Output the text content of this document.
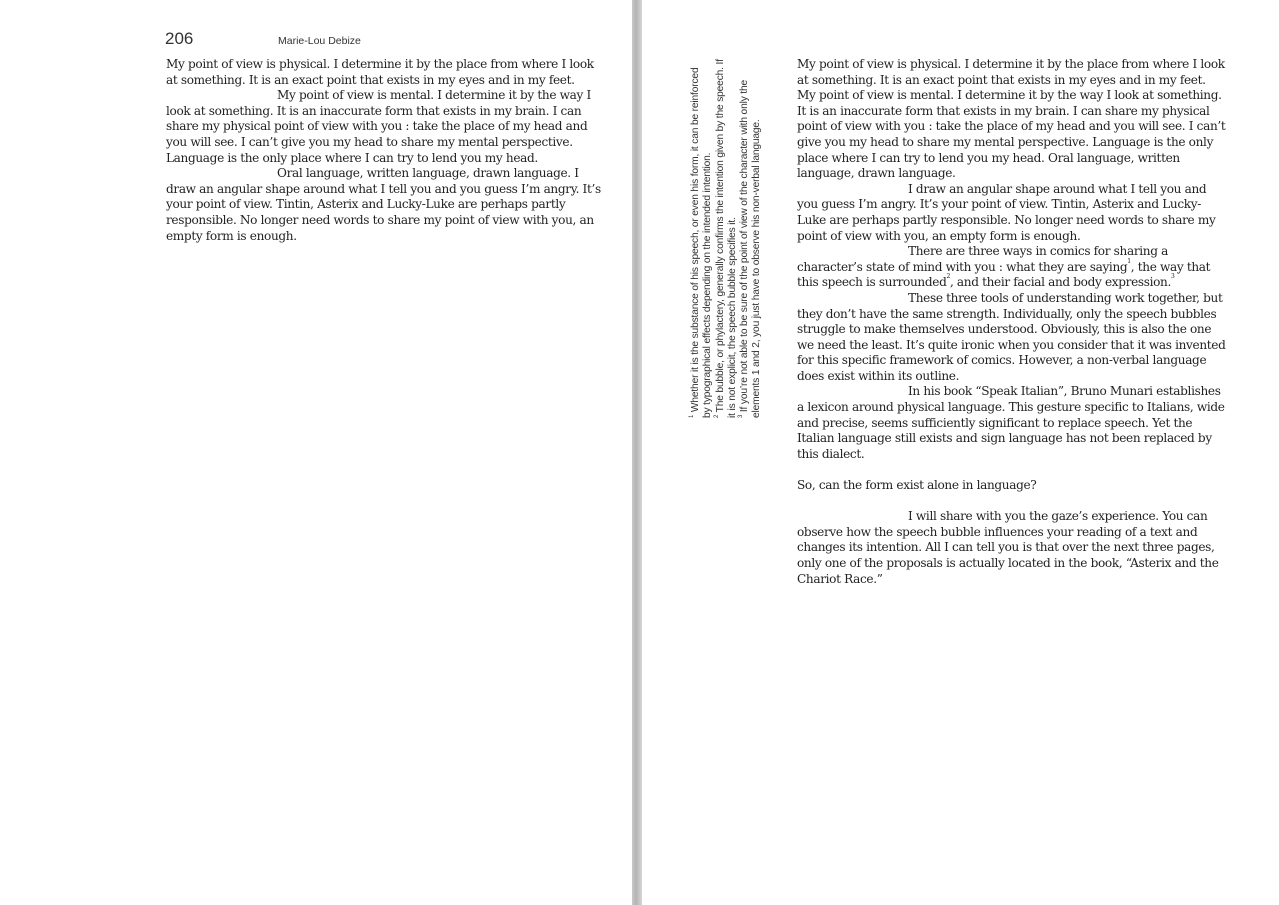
206	Marie-Lou Debize

My point of view is physical. I determine it by the place from where I look at something. It is an exact point that exists in my eyes and in my feet.

My point of view is mental. I determine it by the way I look at something. It is an inaccurate form that exists in my brain. I can share my physical point of view with you : take the place of my head and you will see. I can’t give you my head to share my mental perspective. Language is the only place where I can try to lend you my head.

Oral language, written language, drawn language. I draw an angular shape around what I tell you and you guess I’m angry. It’s your point of view. Tintin, Asterix and Lucky-Luke are perhaps partly responsible. No longer need words to share my point of view with you, an empty form is enough.

$^1$ Whether it is the substance of his speech, or even his form, it can be reinforced by typographical effects depending on the intended intention. $^2$ The bubble, or phylactery, generally confirms the intention given by the speech. If it is not explicit, the speech bubble specifies it. $^3$ If you’re not able to be sure of the point of view of the character with only the elements 1 and 2, you just have to observe his non-verbal language.

My point of view is physical. I determine it by the place from where I look at something. It is an exact point that exists in my eyes and in my feet. My point of view is mental. I determine it by the way I look at something. It is an inaccurate form that exists in my brain. I can share my physical point of view with you : take the place of my head and you will see. I can’t give you my head to share my mental perspective. Language is the only place where I can try to lend you my head. Oral language, written language, drawn language.

I draw an angular shape around what I tell you and you guess I’m angry. It’s your point of view. Tintin, Asterix and Lucky-Luke are perhaps partly responsible. No longer need words to share my point of view with you, an empty form is enough.

There are three ways in comics for sharing a character’s state of mind with you : what they are saying$^1$, the way that this speech is surrounded$^2$, and their facial and body expression.$^3$

These three tools of understanding work together, but they don’t have the same strength. Individually, only the speech bubbles struggle to make themselves understood. Obviously, this is also the one we need the least. It’s quite ironic when you consider that it was invented for this specific framework of comics. However, a non-verbal language does exist within its outline.

In his book “Speak Italian”, Bruno Munari establishes a lexicon around physical language. This gesture specific to Italians, wide and precise, seems sufficiently significant to replace speech. Yet the Italian language still exists and sign language has not been replaced by this dialect.

So, can the form exist alone in language?

I will share with you the gaze’s experience. You can observe how the speech bubble influences your reading of a text and changes its intention. All I can tell you is that over the next three pages, only one of the proposals is actually located in the book, “Asterix and the Chariot Race.”
